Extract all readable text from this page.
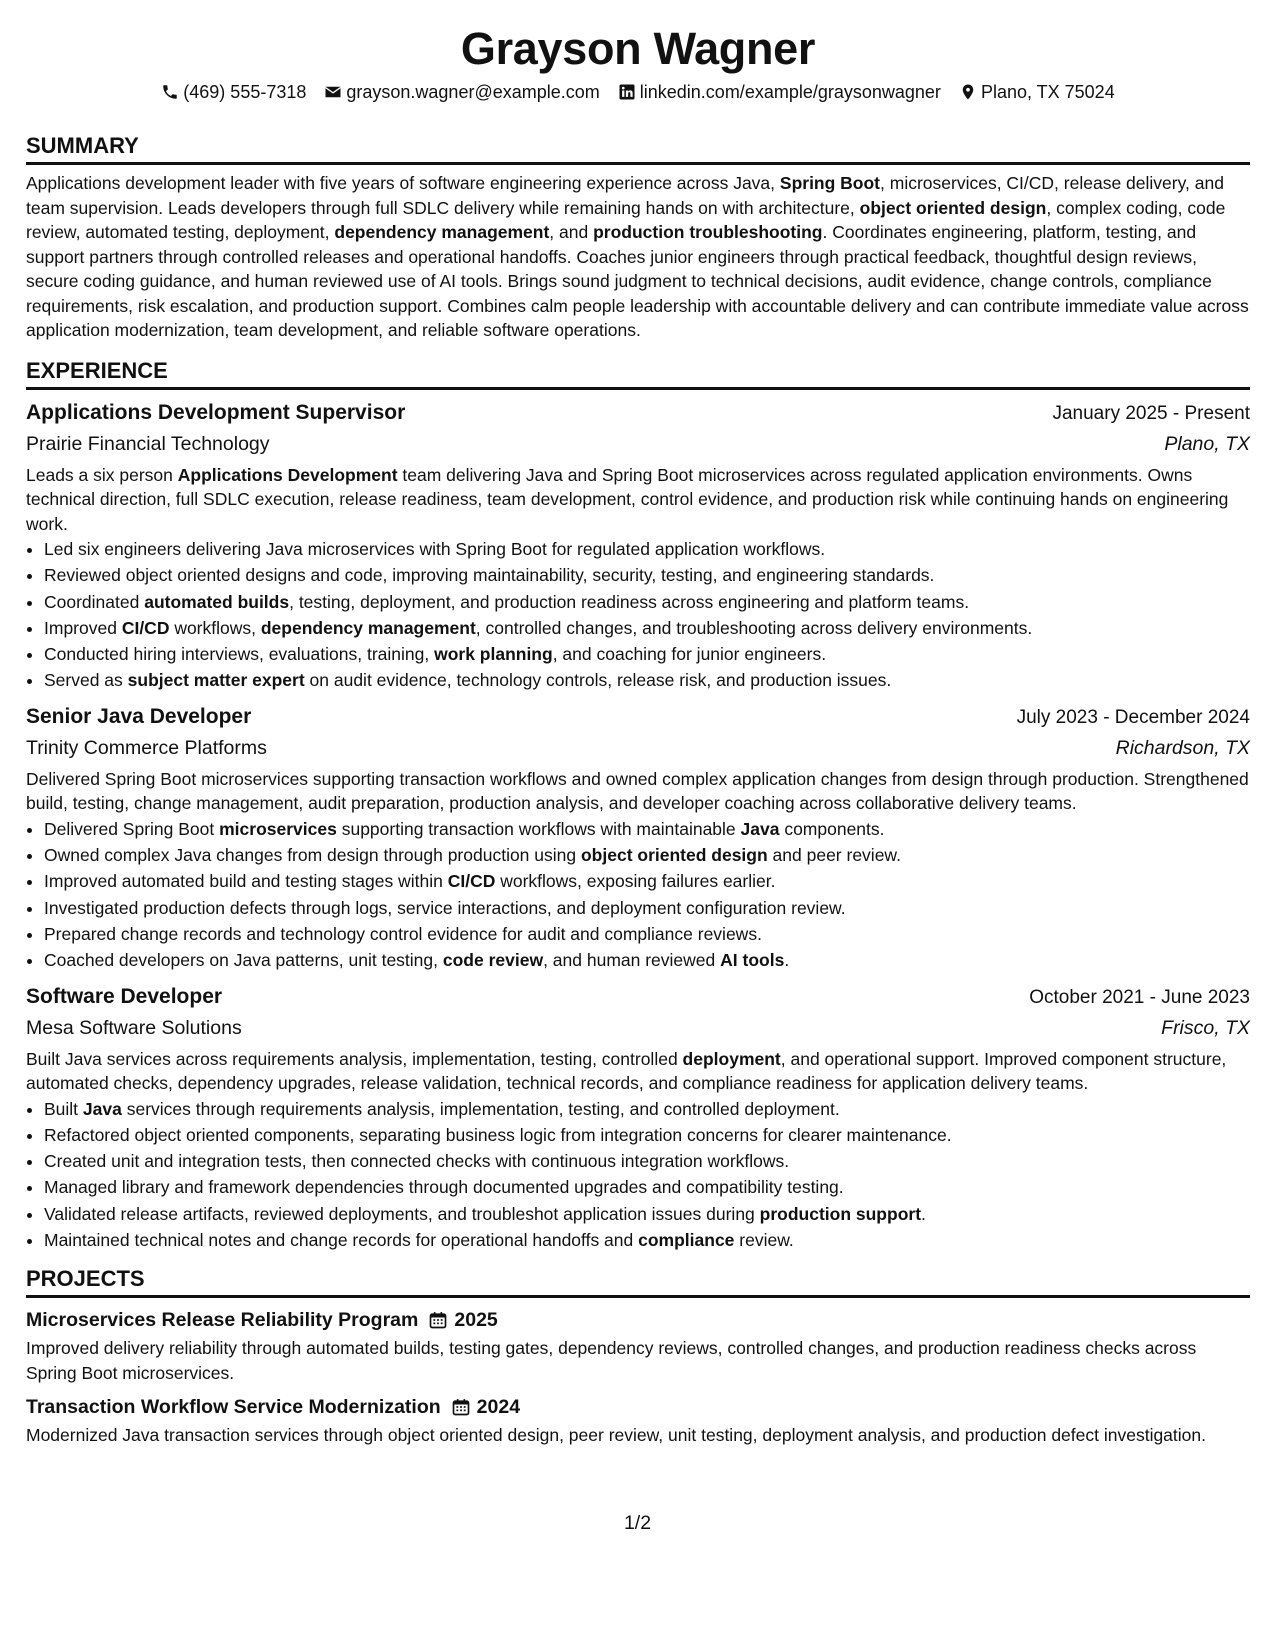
Grayson Wagner
(469) 555-7318 grayson.wagner@example.com linkedin.com/example/graysonwagner Plano, TX 75024
SUMMARY

Applications development leader with five years of software engineering experience across Java, Spring Boot, microservices, CI/CD, release delivery, and team supervision. Leads developers through full SDLC delivery while remaining hands on with architecture, object oriented design, complex coding, code review, automated testing, deployment, dependency management, and production troubleshooting. Coordinates engineering, platform, testing, and support partners through controlled releases and operational handoffs. Coaches junior engineers through practical feedback, thoughtful design reviews, secure coding guidance, and human reviewed use of AI tools. Brings sound judgment to technical decisions, audit evidence, change controls, compliance requirements, risk escalation, and production support. Combines calm people leadership with accountable delivery and can contribute immediate value across application modernization, team development, and reliable software operations.

EXPERIENCE
Applications Development Supervisor	January 2025 - Present
Prairie Financial Technology	Plano, TX

Leads a six person Applications Development team delivering Java and Spring Boot microservices across regulated application environments. Owns technical direction, full SDLC execution, release readiness, team development, control evidence, and production risk while continuing hands on engineering work.

• Led six engineers delivering Java microservices with Spring Boot for regulated application workflows.
• Reviewed object oriented designs and code, improving maintainability, security, testing, and engineering standards.
• Coordinated automated builds, testing, deployment, and production readiness across engineering and platform teams.
• Improved CI/CD workflows, dependency management, controlled changes, and troubleshooting across delivery environments.
• Conducted hiring interviews, evaluations, training, work planning, and coaching for junior engineers.
• Served as subject matter expert on audit evidence, technology controls, release risk, and production issues.
Senior Java Developer	July 2023 - December 2024
Trinity Commerce Platforms	Richardson, TX

Delivered Spring Boot microservices supporting transaction workflows and owned complex application changes from design through production. Strengthened build, testing, change management, audit preparation, production analysis, and developer coaching across collaborative delivery teams.

• Delivered Spring Boot microservices supporting transaction workflows with maintainable Java components.
• Owned complex Java changes from design through production using object oriented design and peer review.
• Improved automated build and testing stages within CI/CD workflows, exposing failures earlier.
• Investigated production defects through logs, service interactions, and deployment configuration review.
• Prepared change records and technology control evidence for audit and compliance reviews.
• Coached developers on Java patterns, unit testing, code review, and human reviewed AI tools.
Software Developer	October 2021 - June 2023
Mesa Software Solutions	Frisco, TX

Built Java services across requirements analysis, implementation, testing, controlled deployment, and operational support. Improved component structure, automated checks, dependency upgrades, release validation, technical records, and compliance readiness for application delivery teams.

• Built Java services through requirements analysis, implementation, testing, and controlled deployment.
• Refactored object oriented components, separating business logic from integration concerns for clearer maintenance.
• Created unit and integration tests, then connected checks with continuous integration workflows.
• Managed library and framework dependencies through documented upgrades and compatibility testing.
• Validated release artifacts, reviewed deployments, and troubleshot application issues during production support.
• Maintained technical notes and change records for operational handoffs and compliance review.
PROJECTS
Microservices Release Reliability Program 2025

Improved delivery reliability through automated builds, testing gates, dependency reviews, controlled changes, and production readiness checks across Spring Boot microservices.

Transaction Workflow Service Modernization 2024

Modernized Java transaction services through object oriented design, peer review, unit testing, deployment analysis, and production defect investigation.

1/2
